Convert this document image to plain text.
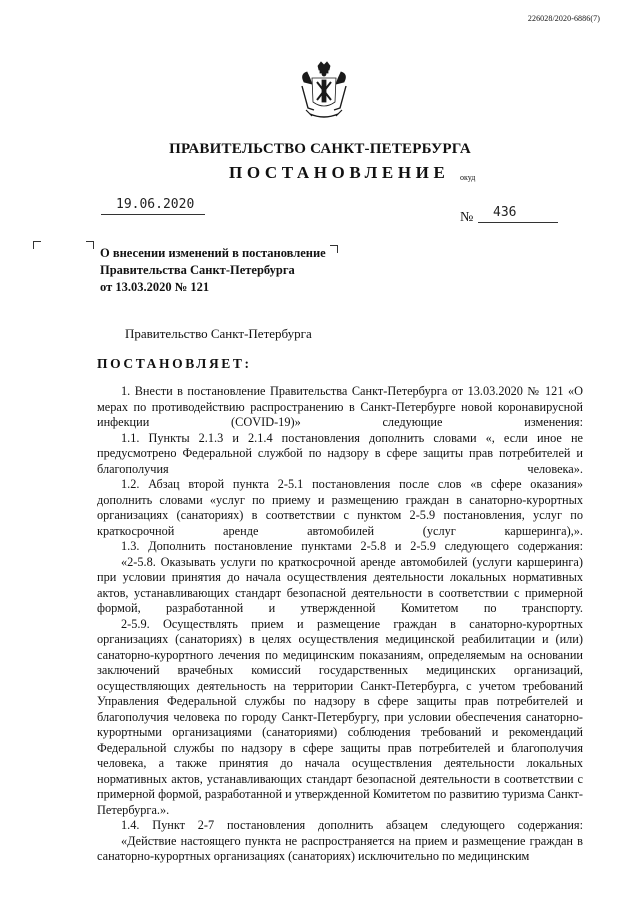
226028/2020-6886(7)
ПРАВИТЕЛЬСТВО САНКТ-ПЕТЕРБУРГА
ПОСТАНОВЛЕНИЕ окуд
19.06.2020
№ 436
О внесении изменений в постановление
Правительства Санкт-Петербурга
от 13.03.2020 № 121
Правительство Санкт-Петербурга
ПОСТАНОВЛЯЕТ:

1. Внести в постановление Правительства Санкт-Петербурга от 13.03.2020 № 121 «О мерах по противодействию распространению в Санкт-Петербурге новой коронавирусной инфекции (COVID-19)» следующие изменения:

1.1. Пункты 2.1.3 и 2.1.4 постановления дополнить словами «, если иное не предусмотрено Федеральной службой по надзору в сфере защиты прав потребителей и благополучия человека».

1.2. Абзац второй пункта 2-5.1 постановления после слов «в сфере оказания» дополнить словами «услуг по приему и размещению граждан в санаторно-курортных организациях (санаториях) в соответствии с пунктом 2-5.9 постановления, услуг по краткосрочной аренде автомобилей (услуг каршеринга),».

1.3. Дополнить постановление пунктами 2-5.8 и 2-5.9 следующего содержания:

«2-5.8. Оказывать услуги по краткосрочной аренде автомобилей (услуги каршеринга) при условии принятия до начала осуществления деятельности локальных нормативных актов, устанавливающих стандарт безопасной деятельности в соответствии с примерной формой, разработанной и утвержденной Комитетом по транспорту.

2-5.9. Осуществлять прием и размещение граждан в санаторно-курортных организациях (санаториях) в целях осуществления медицинской реабилитации и (или) санаторно-курортного лечения по медицинским показаниям, определяемым на основании заключений врачебных комиссий государственных медицинских организаций, осуществляющих деятельность на территории Санкт-Петербурга, с учетом требований Управления Федеральной службы по надзору в сфере защиты прав потребителей и благополучия человека по городу Санкт-Петербургу, при условии обеспечения санаторно-курортными организациями (санаториями) соблюдения требований и рекомендаций Федеральной службы по надзору в сфере защиты прав потребителей и благополучия человека, а также принятия до начала осуществления деятельности локальных нормативных актов, устанавливающих стандарт безопасной деятельности в соответствии с примерной формой, разработанной и утвержденной Комитетом по развитию туризма Санкт-Петербурга.».

1.4. Пункт 2-7 постановления дополнить абзацем следующего содержания:

«Действие настоящего пункта не распространяется на прием и размещение граждан в санаторно-курортных организациях (санаториях) исключительно по медицинским
